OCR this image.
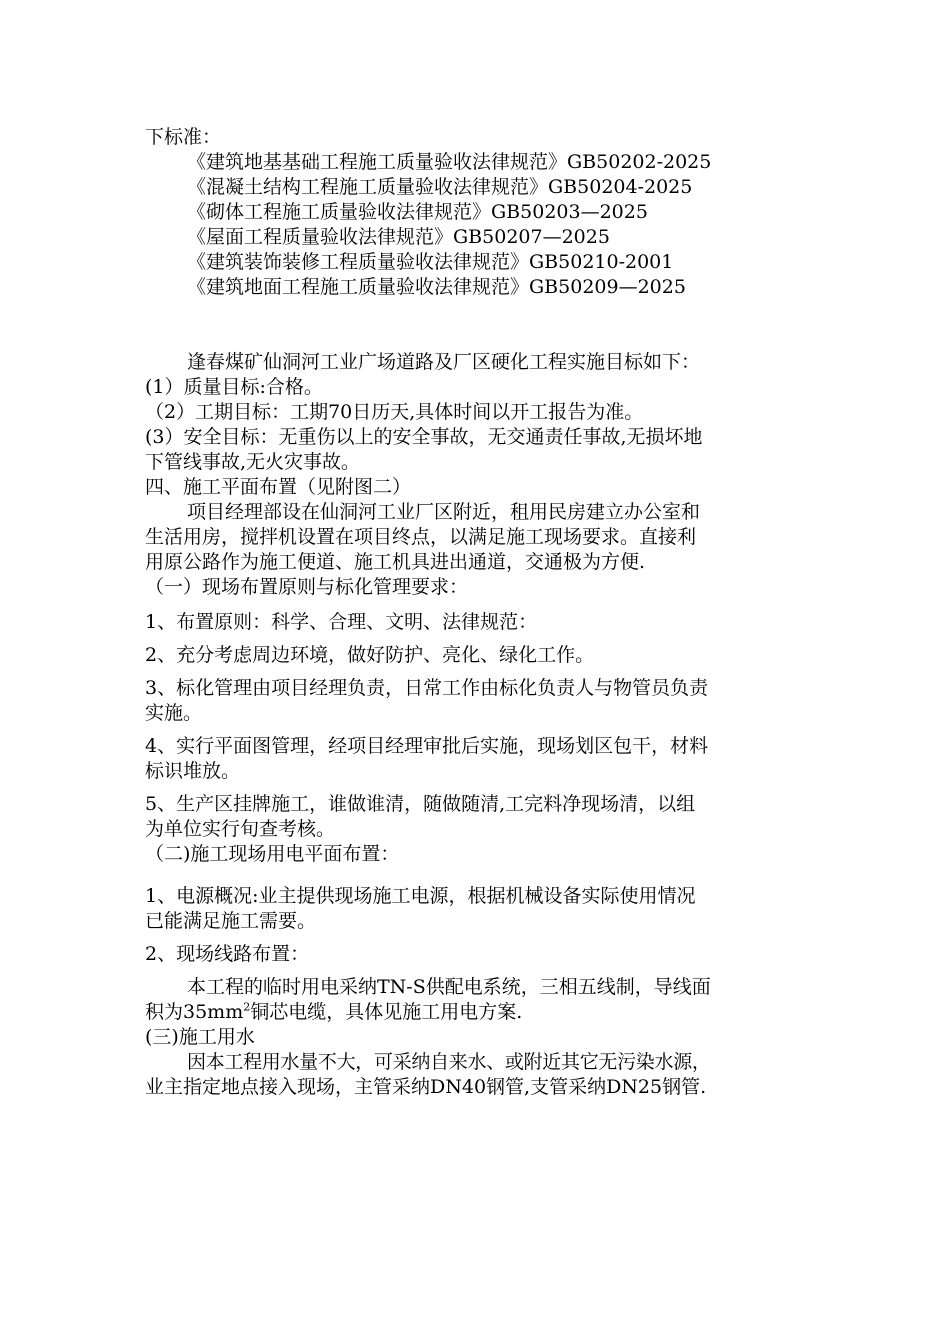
下标准：
《建筑地基基础工程施工质量验收法律规范》GB50202-2025
《混凝土结构工程施工质量验收法律规范》GB50204-2025
《砌体工程施工质量验收法律规范》GB50203—2025
《屋面工程质量验收法律规范》GB50207—2025
《建筑装饰装修工程质量验收法律规范》GB50210-2001
《建筑地面工程施工质量验收法律规范》GB50209—2025
逢春煤矿仙洞河工业广场道路及厂区硬化工程实施目标如下：
(1）质量目标:合格。
（2）工期目标：工期70日历天,具体时间以开工报告为准。
(3）安全目标：无重伤以上的安全事故，无交通责任事故,无损坏地
下管线事故,无火灾事故。
四、施工平面布置（见附图二）
项目经理部设在仙洞河工业厂区附近，租用民房建立办公室和
生活用房，搅拌机设置在项目终点，以满足施工现场要求。直接利
用原公路作为施工便道、施工机具进出通道，交通极为方便.
（一）现场布置原则与标化管理要求：
1、布置原则：科学、合理、文明、法律规范：
2、充分考虑周边环境，做好防护、亮化、绿化工作。
3、标化管理由项目经理负责，日常工作由标化负责人与物管员负责
实施。
4、实行平面图管理，经项目经理审批后实施，现场划区包干，材料
标识堆放。
5、生产区挂牌施工，谁做谁清，随做随清,工完料净现场清，以组
为单位实行旬查考核。
（二)施工现场用电平面布置：
1、电源概况:业主提供现场施工电源，根据机械设备实际使用情况
已能满足施工需要。
2、现场线路布置：
本工程的临时用电采纳TN-S供配电系统，三相五线制，导线面
积为$35mm^2$铜芯电缆，具体见施工用电方案.
(三)施工用水
因本工程用水量不大，可采纳自来水、或附近其它无污染水源，
业主指定地点接入现场，主管采纳DN40钢管,支管采纳DN25钢管.
